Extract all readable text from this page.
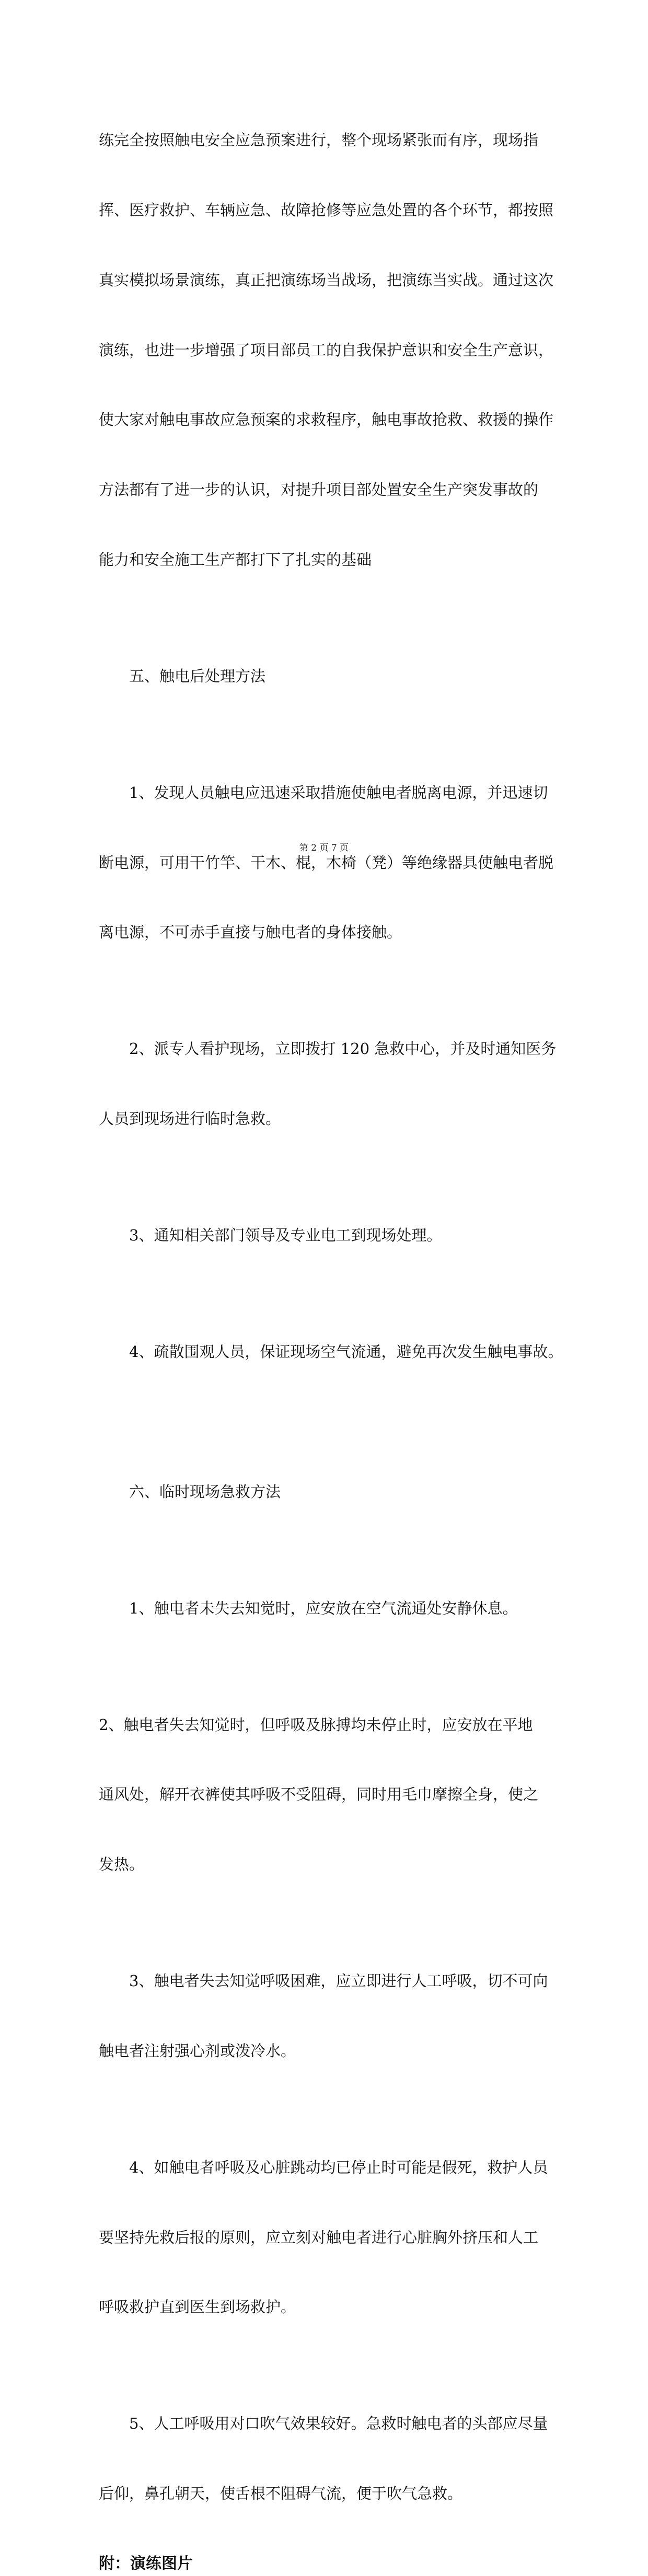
练完全按照触电安全应急预案进行，整个现场紧张而有序，现场指

挥、医疗救护、车辆应急、故障抢修等应急处置的各个环节，都按照

真实模拟场景演练，真正把演练场当战场，把演练当实战。通过这次

演练，也进一步增强了项目部员工的自我保护意识和安全生产意识，

使大家对触电事故应急预案的求救程序，触电事故抢救、救援的操作

方法都有了进一步的认识，对提升项目部处置安全生产突发事故的

能力和安全施工生产都打下了扎实的基础

　　五、触电后处理方法

　　1、发现人员触电应迅速采取措施使触电者脱离电源，并迅速切

断电源，可用干竹竿、干木、棍，木椅（凳）等绝缘器具使触电者脱

离电源，不可赤手直接与触电者的身体接触。

　　2、派专人看护现场，立即拨打 120 急救中心，并及时通知医务

人员到现场进行临时急救。

　　3、通知相关部门领导及专业电工到现场处理。

　　4、疏散围观人员，保证现场空气流通，避免再次发生触电事故。

　　六、临时现场急救方法

　　1、触电者未失去知觉时，应安放在空气流通处安静休息。

2、触电者失去知觉时，但呼吸及脉搏均未停止时，应安放在平地

通风处，解开衣裤使其呼吸不受阻碍，同时用毛巾摩擦全身，使之

发热。

　　3、触电者失去知觉呼吸困难，应立即进行人工呼吸，切不可向

触电者注射强心剂或泼冷水。

　　4、如触电者呼吸及心脏跳动均已停止时可能是假死，救护人员

要坚持先救后报的原则，应立刻对触电者进行心脏胸外挤压和人工

呼吸救护直到医生到场救护。

　　5、人工呼吸用对口吹气效果较好。急救时触电者的头部应尽量

后仰，鼻孔朝天，使舌根不阻碍气流，便于吹气急救。

附：演练图片

第 2 页 7 页
